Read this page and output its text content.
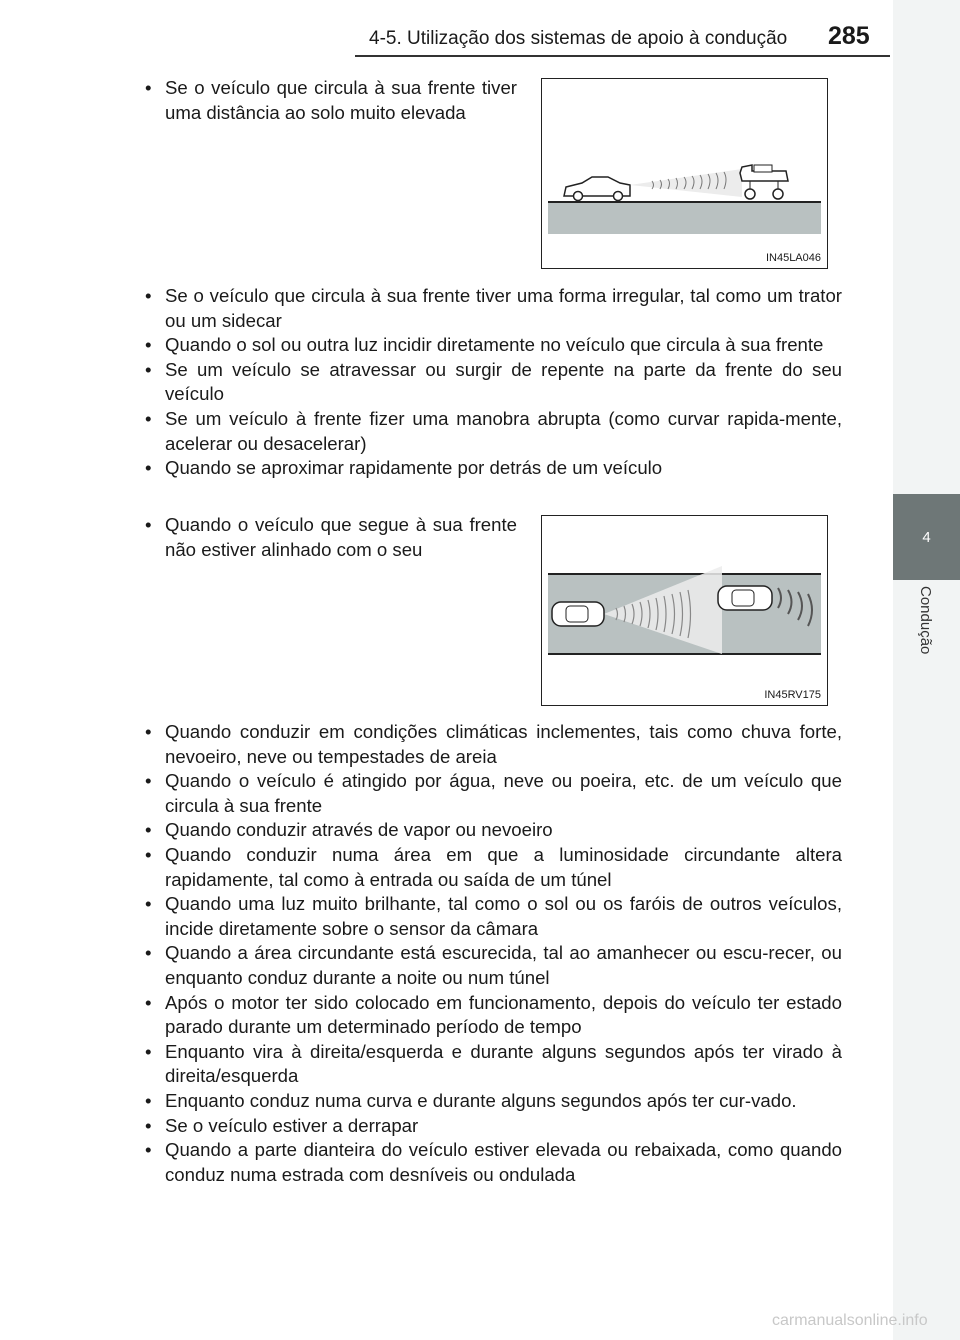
4-5. Utilização dos sistemas de apoio à condução 285
4
Condução
• Se o veículo que circula à sua frente tiver uma distância ao solo muito elevada
IN45LA046
• Se o veículo que circula à sua frente tiver uma forma irregular, tal como um trator ou um sidecar
• Quando o sol ou outra luz incidir diretamente no veículo que circula à sua frente
• Se um veículo se atravessar ou surgir de repente na parte da frente do seu veículo
• Se um veículo à frente fizer uma manobra abrupta (como curvar rapida-mente, acelerar ou desacelerar)
• Quando se aproximar rapidamente por detrás de um veículo
• Quando o veículo que segue à sua frente não estiver alinhado com o seu
IN45RV175
• Quando conduzir em condições climáticas inclementes, tais como chuva forte, nevoeiro, neve ou tempestades de areia
• Quando o veículo é atingido por água, neve ou poeira, etc. de um veículo que circula à sua frente
• Quando conduzir através de vapor ou nevoeiro
• Quando conduzir numa área em que a luminosidade circundante altera rapidamente, tal como à entrada ou saída de um túnel
• Quando uma luz muito brilhante, tal como o sol ou os faróis de outros veículos, incide diretamente sobre o sensor da câmara
• Quando a área circundante está escurecida, tal ao amanhecer ou escu-recer, ou enquanto conduz durante a noite ou num túnel
• Após o motor ter sido colocado em funcionamento, depois do veículo ter estado parado durante um determinado período de tempo
• Enquanto vira à direita/esquerda e durante alguns segundos após ter virado à direita/esquerda
• Enquanto conduz numa curva e durante alguns segundos após ter cur-vado.
• Se o veículo estiver a derrapar
• Quando a parte dianteira do veículo estiver elevada ou rebaixada, como quando conduz numa estrada com desníveis ou ondulada
carmanualsonline.info
